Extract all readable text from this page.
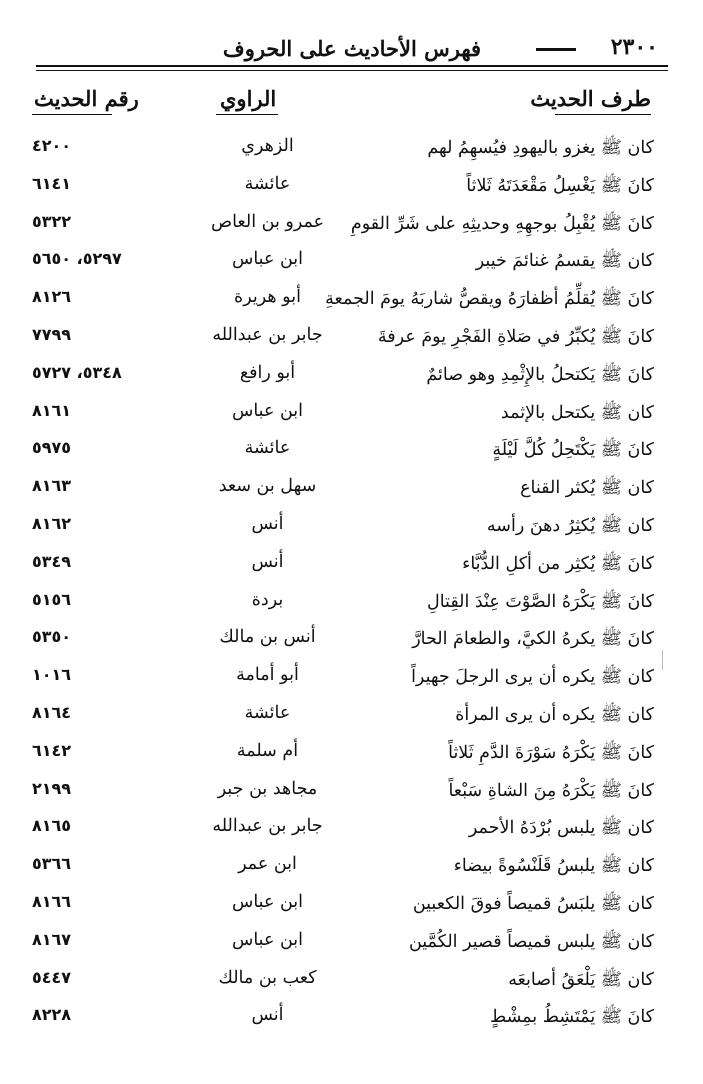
٢٣٠٠
فهرس الأحاديث على الحروف
طرف الحديث
الراوي
رقم الحديث
كان ﷺ يغزو باليهودِ فيُسهِمُ لهم
الزهري
٤٢٠٠
كانَ ﷺ يَغْسِلُ مَقْعَدَتَهُ ثَلاثاً
عائشة
٦١٤١
كانَ ﷺ يُقْبِلُ بوجهِهِ وحديثِهِ على شَرِّ القومِ
عمرو بن العاص
٥٣٢٢
كان ﷺ يقسمُ غنائمَ خيبر
ابن عباس
٥٢٩٧، ٥٦٥٠
كانَ ﷺ يُقلِّمُ أظفارَهُ ويقصُّ شاربَهُ يومَ الجمعةِ
أبو هريرة
٨١٢٦
كانَ ﷺ يُكبِّرُ في صَلاةِ الفَجْرِ يومَ عرفةَ
جابر بن عبدالله
٧٧٩٩
كانَ ﷺ يَكتحلُ بالإِثْمِدِ وهو صائمٌ
أبو رافع
٥٣٤٨، ٥٧٢٧
كان ﷺ يكتحل بالإثمد
ابن عباس
٨١٦١
كانَ ﷺ يَكْتَحِلُ كُلَّ لَيْلَةٍ
عائشة
٥٩٧٥
كان ﷺ يُكثر القناع
سهل بن سعد
٨١٦٣
كان ﷺ يُكثِرُ دهنَ رأسه
أنس
٨١٦٢
كانَ ﷺ يُكثِر من أكلِ الدُّبَّاء
أنس
٥٣٤٩
كانَ ﷺ يَكْرَهُ الصَّوْتَ عِنْدَ القِتالِ
بردة
٥١٥٦
كانَ ﷺ يكرهُ الكيَّ، والطعامَ الحارَّ
أنس بن مالك
٥٣٥٠
كان ﷺ يكره أن يرى الرجلَ جهيراً
أبو أمامة
١٠١٦
كان ﷺ يكره أن يرى المرأة
عائشة
٨١٦٤
كانَ ﷺ يَكْرَهُ سَوْرَةَ الدَّمِ ثَلاثاً
أم سلمة
٦١٤٢
كانَ ﷺ يَكْرَهُ مِنَ الشاةِ سَبْعاً
مجاهد بن جبر
٢١٩٩
كان ﷺ يلبس بُرْدَهُ الأحمر
جابر بن عبدالله
٨١٦٥
كان ﷺ يلبسُ قَلَنْسُوةً بيضاء
ابن عمر
٥٣٦٦
كان ﷺ يلبَسُ قميصاً فوقَ الكعبين
ابن عباس
٨١٦٦
كان ﷺ يلبس قميصاً قصير الكُمَّين
ابن عباس
٨١٦٧
كان ﷺ يَلْعَقُ أصابعَه
كعب بن مالك
٥٤٤٧
كانَ ﷺ يَمْتَشِطُ بمِشْطٍ
أنس
٨٢٢٨
